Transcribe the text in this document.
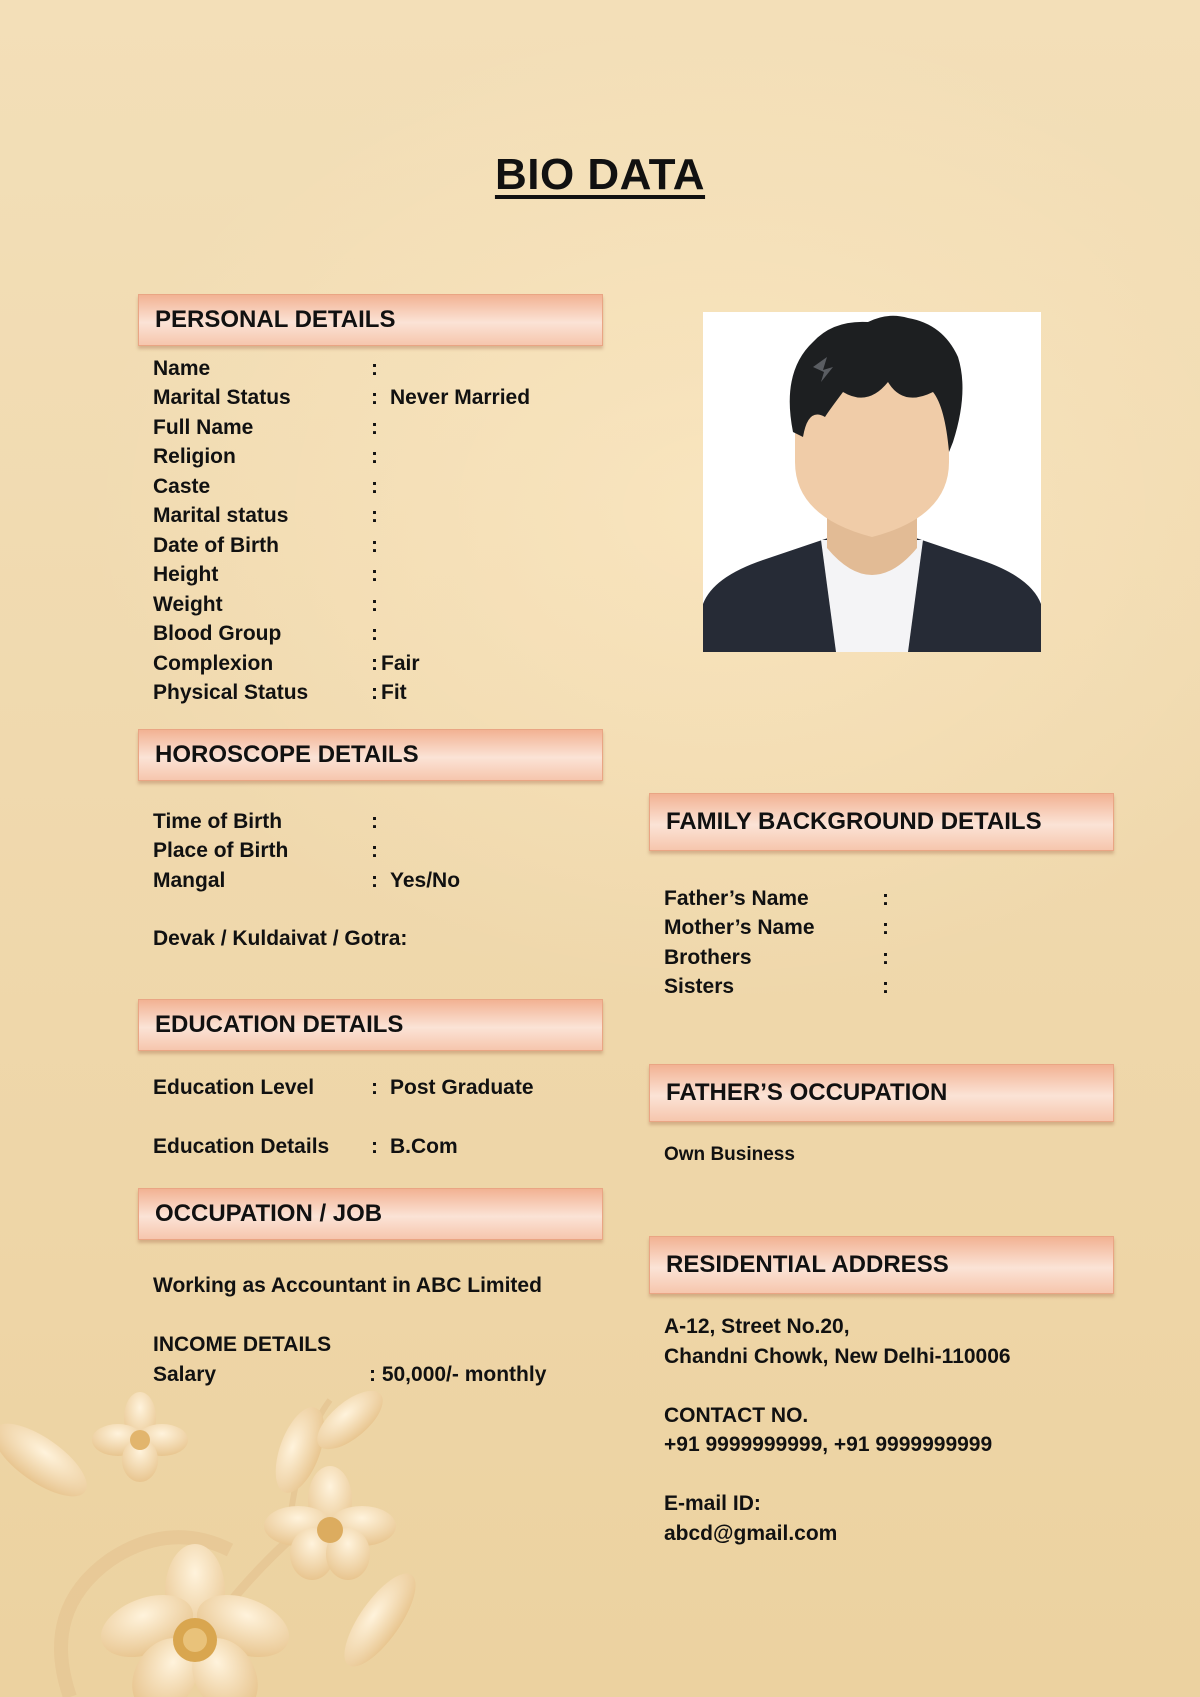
BIO DATA
PERSONAL DETAILS
Name	:
Marital Status	: Never Married
Full Name	:
Religion	:
Caste	:
Marital status	:
Date of Birth	:
Height	:
Weight	:
Blood Group	:
Complexion	: Fair
Physical Status	: Fit
HOROSCOPE DETAILS
Time of Birth	:
Place of Birth	:
Mangal	: Yes/No
Devak / Kuldaivat / Gotra:
EDUCATION DETAILS
Education Level	: Post Graduate
Education Details	: B.Com
OCCUPATION / JOB
Working as Accountant in ABC Limited
INCOME DETAILS
Salary	: 50,000/- monthly
FAMILY BACKGROUND DETAILS
Father’s Name	:
Mother’s Name	:
Brothers	:
Sisters	:
FATHER’S OCCUPATION
Own Business
RESIDENTIAL ADDRESS
A-12, Street No.20,
Chandni Chowk, New Delhi-110006
CONTACT NO.
+91 9999999999, +91 9999999999
E-mail ID:
abcd@gmail.com
